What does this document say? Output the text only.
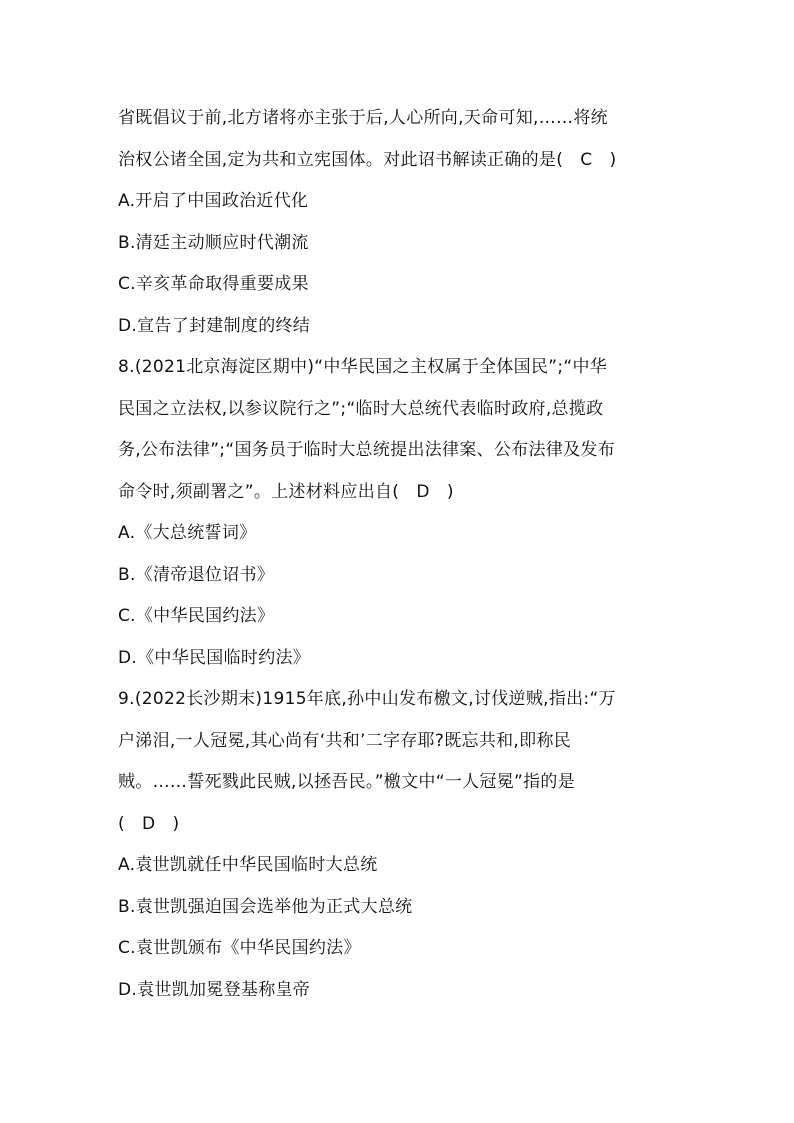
省既倡议于前,北方诸将亦主张于后,人心所向,天命可知,……将统
治权公诸全国,定为共和立宪国体。对此诏书解读正确的是(   C   )
A.开启了中国政治近代化
B.清廷主动顺应时代潮流
C.辛亥革命取得重要成果
D.宣告了封建制度的终结
8.(2021北京海淀区期中)“中华民国之主权属于全体国民”;“中华
民国之立法权,以参议院行之”;“临时大总统代表临时政府,总揽政
务,公布法律”;“国务员于临时大总统提出法律案、公布法律及发布
命令时,须副署之”。上述材料应出自(   D   )
A.《大总统誓词》
B.《清帝退位诏书》
C.《中华民国约法》
D.《中华民国临时约法》
9.(2022长沙期末)1915年底,孙中山发布檄文,讨伐逆贼,指出:“万
户涕泪,一人冠冕,其心尚有‘共和’二字存耶?既忘共和,即称民
贼。……誓死戮此民贼,以拯吾民。”檄文中“一人冠冕”指的是
(   D   )
A.袁世凯就任中华民国临时大总统
B.袁世凯强迫国会选举他为正式大总统
C.袁世凯颁布《中华民国约法》
D.袁世凯加冕登基称皇帝
